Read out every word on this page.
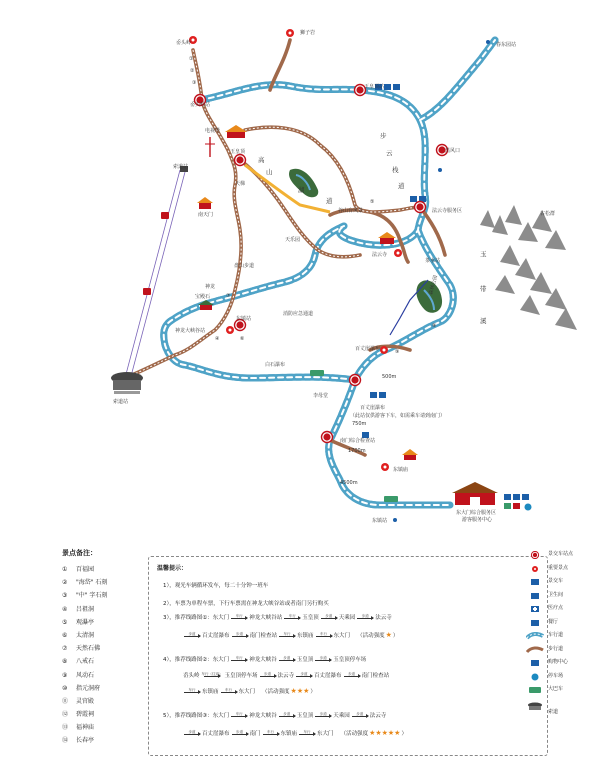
①
②
③
⑤
⑧
⑨
⑥
⑦
④
岙头岭
狮子岩
岙头岭站
玉皇顶站
电视塔
玉皇顶
索道站
天梯
南天门
谷山台风景
天乐园
盘山步道
神龙
宝殿石
神龙大峡谷站
东镇站
消防应急通道
白石瀑布
李母堂
百丈崖瀑布
百丈崖瀑布
（此站仅供游客下车，如需乘车请到南门）
法云寺
法云寺服务区
春东园站
黑风口
古松群
茶水站
南门综合检查站
东镇庙
东镇站
东大门综合服务区
游客服务中心
索道站
500m
750m
1700m
4500m
高
山
湖
道
步
云
栈
道
玉
带
溪
森林公园
景点备注：
① 百福园
② "海岱" 石刻
③ "中" 字石刻
④ 吕祖洞
⑤ 观瀑亭
⑥ 太清洞
⑦ 天然石佛
⑧ 八戒石
⑨ 风动石
⑩ 指元洞府
⑪ 灵官殿
⑫ 碧霞祠
⑬ 福神庙
⑭ 长春亭
温馨提示：
1），观光车辆循环发车，每二十分钟一班车
2），车票为单程车票，下行车票需在神龙大峡谷站或者南门另行购买
3），推荐线路图①：东大门 车行 神龙大峡谷站 车行 玉皇顶 步道 天乘园 步道 法云寺
步道 百丈崖瀑布 步道 南门检查站 车行 东镇庙 车行 东大门 （活动强度 ★ ）
4），推荐线路图②：东大门 车行 神龙大峡谷 步道 玉皇顶 步道 玉皇顶停车场
岙头岭 车行（往返） 玉皇顶停车场 步道 法云寺 步道 百丈崖瀑布 步道 南门检查站
车行 东镇庙 车行 东大门 （活动强度 ★★★ ）
5），推荐线路图③：东大门 车行 神龙大峡谷 步道 玉皇顶 步道 天乘园 步道 法云寺
步道 百丈崖瀑布 步道 南门 车行 东镇庙 车行 东大门 （活动强度 ★★★★★ ）
景交车站点
重要景点
景交车
卫生间
医疗点
餐厅
车行道
步行道
购物中心
停车场
大巴车
索道
